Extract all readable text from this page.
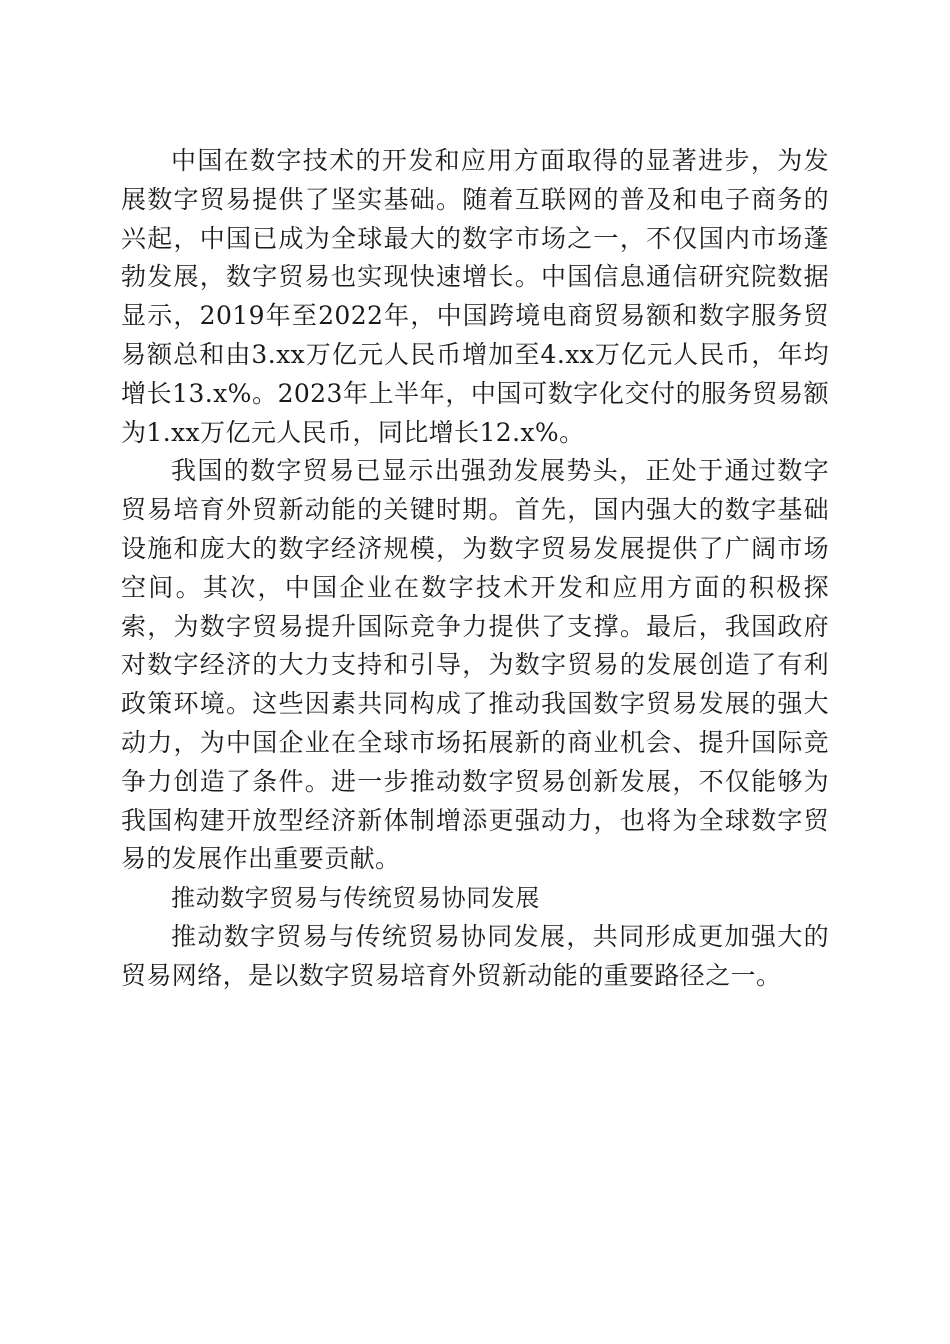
中国在数字技术的开发和应用方面取得的显著进步，为发展数字贸易提供了坚实基础。随着互联网的普及和电子商务的兴起，中国已成为全球最大的数字市场之一，不仅国内市场蓬勃发展，数字贸易也实现快速增长。中国信息通信研究院数据显示，2019年至2022年，中国跨境电商贸易额和数字服务贸易额总和由3.xx万亿元人民币增加至4.xx万亿元人民币，年均增长13.x%。2023年上半年，中国可数字化交付的服务贸易额为1.xx万亿元人民币，同比增长12.x%。

我国的数字贸易已显示出强劲发展势头，正处于通过数字贸易培育外贸新动能的关键时期。首先，国内强大的数字基础设施和庞大的数字经济规模，为数字贸易发展提供了广阔市场空间。其次，中国企业在数字技术开发和应用方面的积极探索，为数字贸易提升国际竞争力提供了支撑。最后，我国政府对数字经济的大力支持和引导，为数字贸易的发展创造了有利政策环境。这些因素共同构成了推动我国数字贸易发展的强大动力，为中国企业在全球市场拓展新的商业机会、提升国际竞争力创造了条件。进一步推动数字贸易创新发展，不仅能够为我国构建开放型经济新体制增添更强动力，也将为全球数字贸易的发展作出重要贡献。

推动数字贸易与传统贸易协同发展

推动数字贸易与传统贸易协同发展，共同形成更加强大的贸易网络，是以数字贸易培育外贸新动能的重要路径之一。
